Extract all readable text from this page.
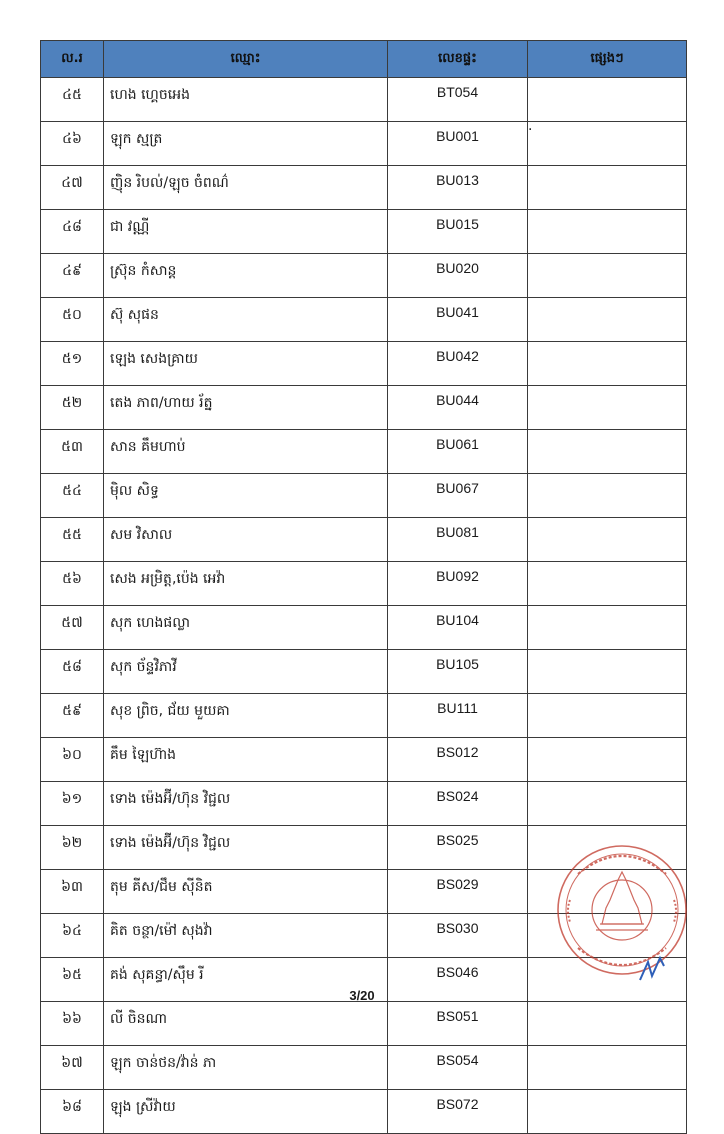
ល.រ	ឈ្មោះ	លេខផ្ទះ	ផ្សេងៗ
៤៥	ហេង ហ្គេចអេង	BT054	
៤៦	ឡុក ស្មត្រ	BU001	·
៤៧	ញ៉ិន រិបល់/ឡុច ចំពណ៌	BU013	
៤៨	ជា វណ្ណី	BU015	
៤៩	ស្រ៊ុន កំសាន្ត	BU020	
៥០	ស៊ុ សុផន	BU041	
៥១	ឡេង សេងគ្រាយ	BU042	
៥២	តេង ភាព/ហាយ រ័ត្ន	BU044	
៥៣	សាន គឹមហាប់	BU061	
៥៤	ម៉ិល សិទ្ធ	BU067	
៥៥	សម វិសាល	BU081	
៥៦	សេង អម្រិត្ត,ប៉េង អេវ៉ា	BU092	
៥៧	សុក ហេងផល្លា	BU104	
៥៨	សុក ច័ន្ទវិភាវី	BU105	
៥៩	សុខ ព្រិច, ជ័យ មួយគា	BU111	
៦០	គឹម ឡៃហ៊ាង	BS012	
៦១	ទោង ម៉េងអ៊ី/ហ៊ុន វិជ្ជល	BS024	
៦២	ទោង ម៉េងអ៊ី/ហ៊ុន វិជ្ជល	BS025	
៦៣	តុម គីស/ជឹម ស៊ីនិត	BS029	
៦៤	គិត ចន្ថា/ម៉ៅ សុងវ៉ា	BS030	
៦៥	គង់ សុគន្ធា/ស៊ឹម រី	BS046	
៦៦	លី ចិនណា	BS051	
៦៧	ឡុក ចាន់ថន/វ៉ាន់ ភា	BS054	
៦៨	ឡុង ស្រីវ៉ាយ	BS072	
3/20
